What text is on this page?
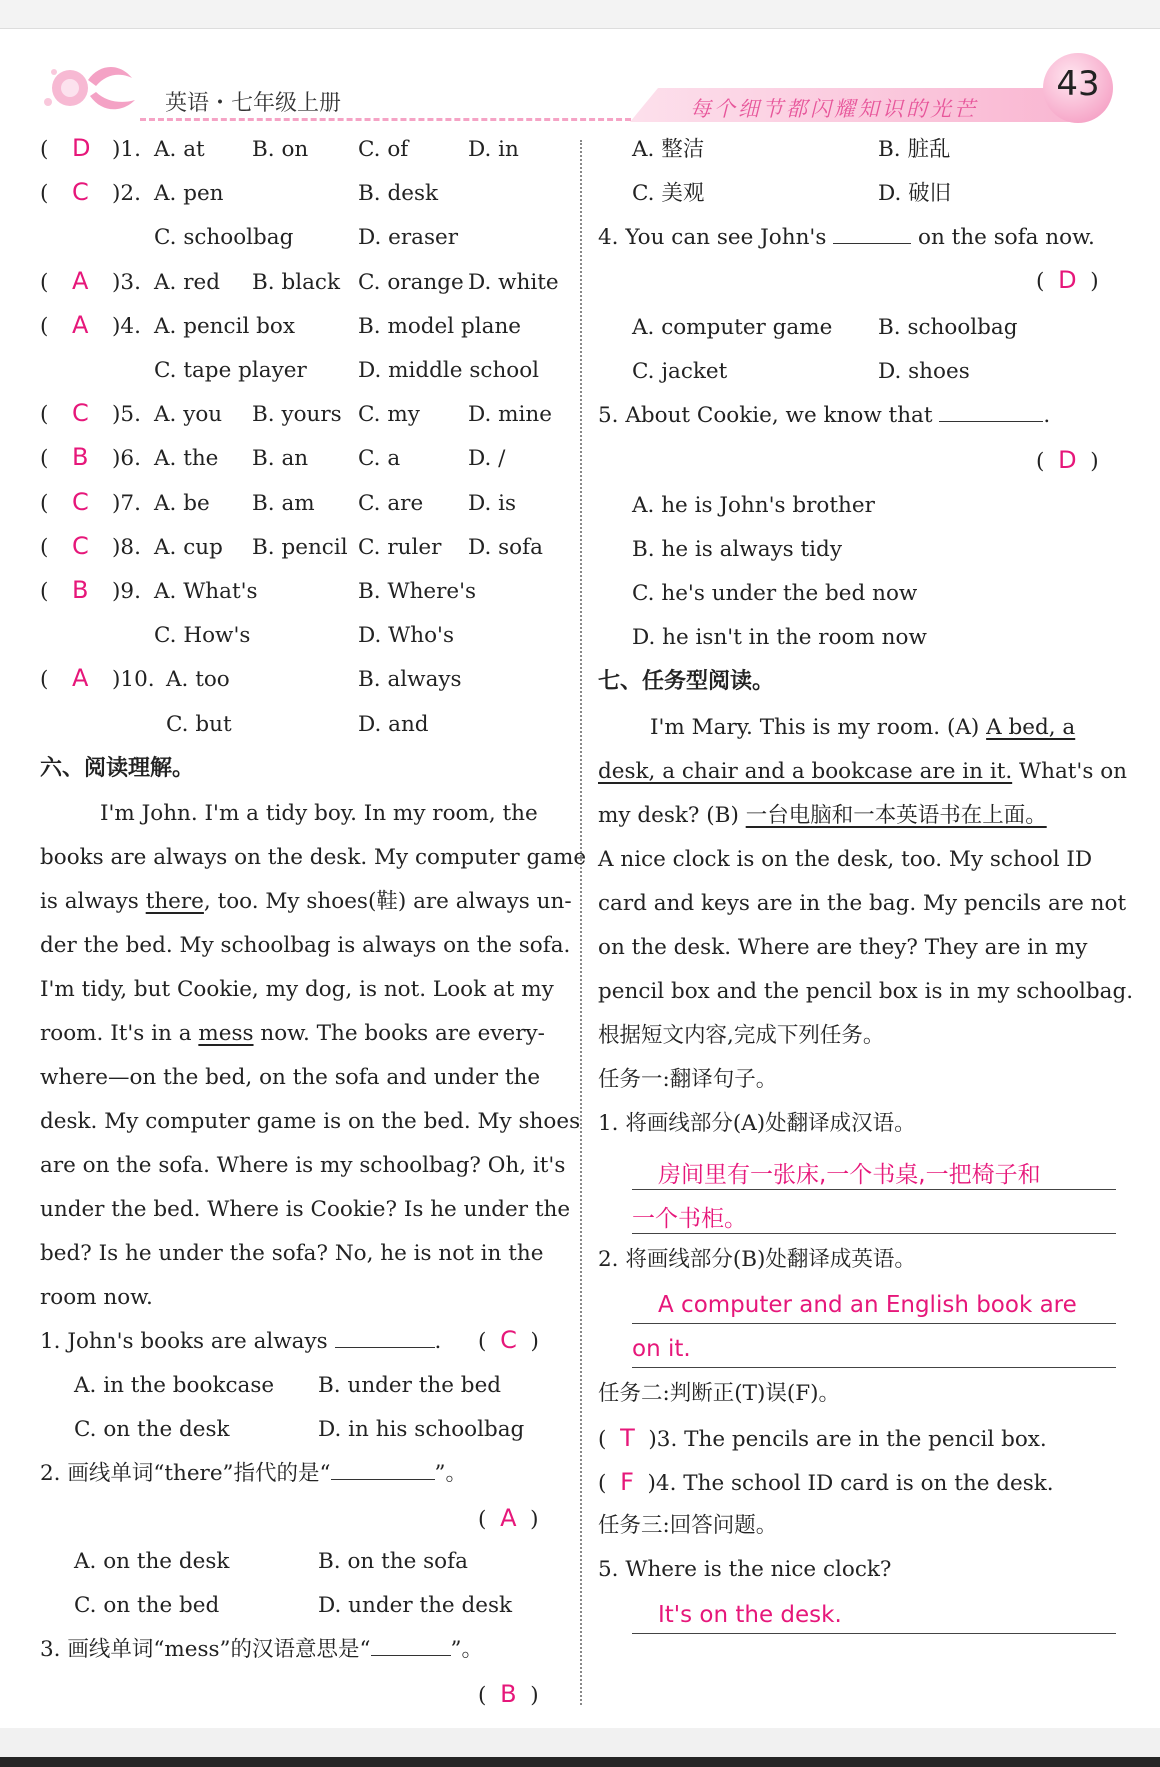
英语・七年级上册	每个细节都闪耀知识的光芒
43
( D )1. A. at B. on C. of	D. in
( C )2. A. pen	B. desk
C. schoolbag	D. eraser
( A )3. A. red B. black C. orange D. white
( A )4. A. pencil box	B. model plane
C. tape player D. middle school
( C )5. A. you B. yours C. my D. mine
( B )6. A. the B. an C. a	D. /
( C )7. A. be B. am C. are D. is
( C )8. A. cup B. pencil C. ruler D. sofa
( B )9. A. What's	B. Where's
C. How's	D. Who's
( A )10. A. too	B. always
C. but	D. and
六、阅读理解。
I'm John. I'm a tidy boy. In my room, the
books are always on the desk. My computer game
is always there, too. My shoes(鞋) are always un-
der the bed. My schoolbag is always on the sofa.
I'm tidy, but Cookie, my dog, is not. Look at my
room. It's in a mess now. The books are every-
where—on the bed, on the sofa and under the
desk. My computer game is on the bed. My shoes
are on the sofa. Where is my schoolbag? Oh, it's
under the bed. Where is Cookie? Is he under the
bed? Is he under the sofa? No, he is not in the
room now.
1. John's books are always	. ( C )
A. in the bookcase B. under the bed
C. on the desk	D. in his schoolbag
2. 画线单词“there”指代的是“	”。
( A )
A. on the desk	B. on the sofa
C. on the bed	D. under the desk
3. 画线单词“mess”的汉语意思是“	”。
( B )
A. 整洁	B. 脏乱
C. 美观	D. 破旧
4. You can see John's	on the sofa now.
( D )
A. computer game B. schoolbag
C. jacket	D. shoes
5. About Cookie, we know that	.
( D )
A. he is John's brother
B. he is always tidy
C. he's under the bed now
D. he isn't in the room now
七、任务型阅读。
I'm Mary. This is my room. (A) A bed, a
desk, a chair and a bookcase are in it. What's on
my desk? (B) 一台电脑和一本英语书在上面。
A nice clock is on the desk, too. My school ID
card and keys are in the bag. My pencils are not
on the desk. Where are they? They are in my
pencil box and the pencil box is in my schoolbag.
根据短文内容,完成下列任务。
任务一:翻译句子。
1. 将画线部分(A)处翻译成汉语。
房间里有一张床,一个书桌,一把椅子和
一个书柜。
2. 将画线部分(B)处翻译成英语。
A computer and an English book are
on it.
任务二:判断正(T)误(F)。
( T )3. The pencils are in the pencil box.
( F )4. The school ID card is on the desk.
任务三:回答问题。
5. Where is the nice clock?
It's on the desk.
